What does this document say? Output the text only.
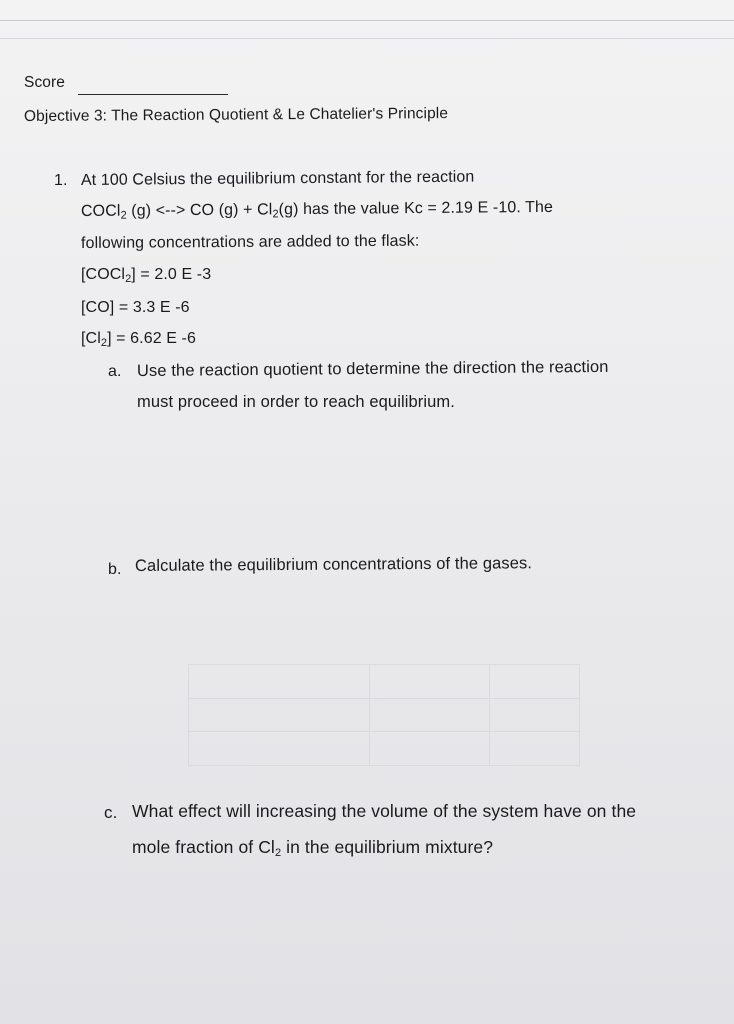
Score
Objective 3: The Reaction Quotient & Le Chatelier's Principle
1. At 100 Celsius the equilibrium constant for the reaction
COCl$_2$ (g) <--> CO $(g) + Cl_2(g)$ has the value Kc = 2.19 E -10. The
following concentrations are added to the flask:
[COCl$_2$] = 2.0 E -3
[CO] = 3.3 E -6
$[Cl_2] = 6.62$ E -6
a. Use the reaction quotient to determine the direction the reaction
must proceed in order to reach equilibrium.
b. Calculate the equilibrium concentrations of the gases.
c. What effect will increasing the volume of the system have on the
mole fraction of $Cl_2$ in the equilibrium mixture?
